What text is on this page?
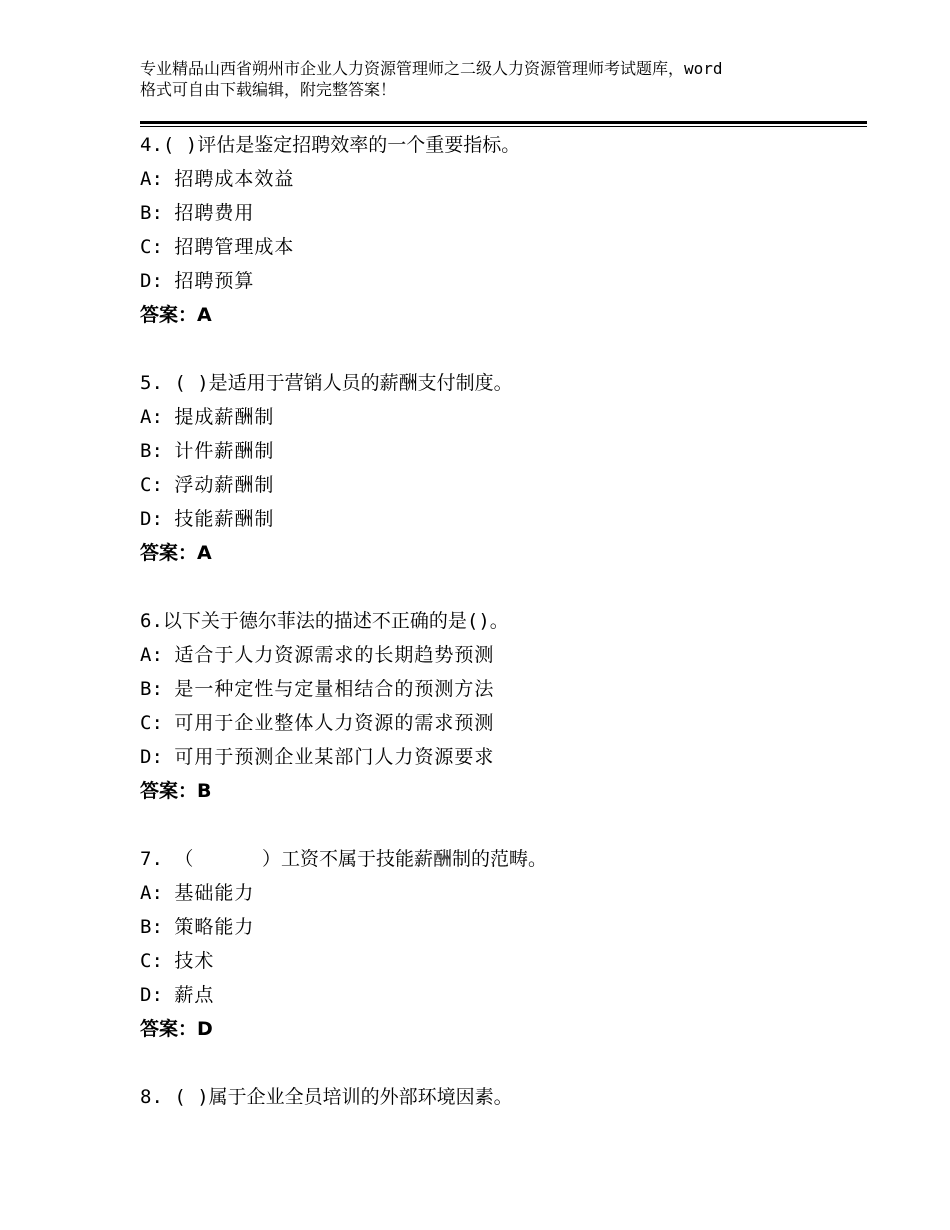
专业精品山西省朔州市企业人力资源管理师之二级人力资源管理师考试题库，word
格式可自由下载编辑，附完整答案！
4.( )评估是鉴定招聘效率的一个重要指标。
A: 招聘成本效益
B: 招聘费用
C: 招聘管理成本
D: 招聘预算
答案：A
5. ( )是适用于营销人员的薪酬支付制度。
A: 提成薪酬制
B: 计件薪酬制
C: 浮动薪酬制
D: 技能薪酬制
答案：A
6.以下关于德尔菲法的描述不正确的是()。
A: 适合于人力资源需求的长期趋势预测
B: 是一种定性与定量相结合的预测方法
C: 可用于企业整体人力资源的需求预测
D: 可用于预测企业某部门人力资源要求
答案：B
7. （      ）工资不属于技能薪酬制的范畴。
A: 基础能力
B: 策略能力
C: 技术
D: 薪点
答案：D
8. ( )属于企业全员培训的外部环境因素。
